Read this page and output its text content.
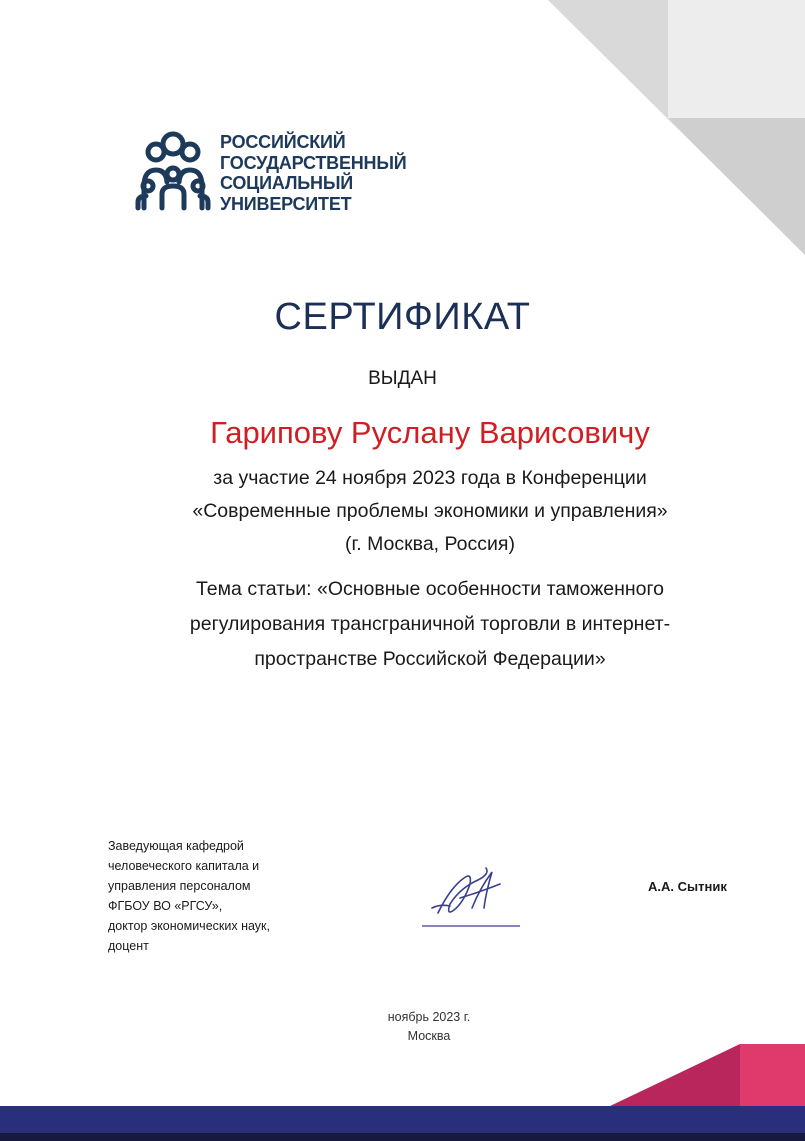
РОССИЙСКИЙ
ГОСУДАРСТВЕННЫЙ
СОЦИАЛЬНЫЙ
УНИВЕРСИТЕТ
СЕРТИФИКАТ
ВЫДАН
Гарипову Руслану Варисовичу
за участие 24 ноября 2023 года в Конференции
«Современные проблемы экономики и управления»
(г. Москва, Россия)
Тема статьи: «Основные особенности таможенного
регулирования трансграничной торговли в интернет-
пространстве Российской Федерации»
Заведующая кафедрой
человеческого капитала и
управления персоналом
ФГБОУ ВО «РГСУ»,
доктор экономических наук,
доцент
А.А. Сытник
ноябрь 2023 г.
Москва
